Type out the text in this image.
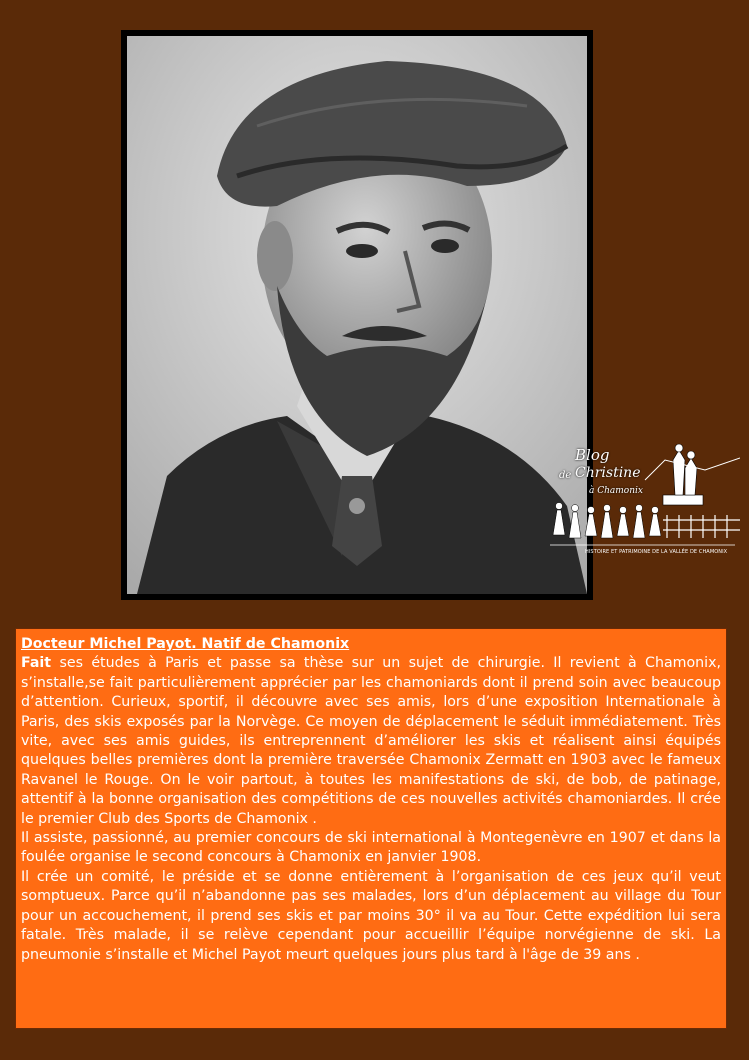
Blog
de Christine
à Chamonix
HISTOIRE ET PATRIMOINE DE LA VALLÉE DE CHAMONIX
Docteur Michel Payot. Natif de Chamonix

Fait ses études à Paris et passe sa thèse sur un sujet de chirurgie. Il revient à Chamonix, s’installe,se fait particulièrement apprécier par les chamoniards dont il prend soin avec beaucoup d’attention. Curieux, sportif, il découvre avec ses amis, lors d’une exposition Internationale à Paris, des skis exposés par la Norvège. Ce moyen de déplacement le séduit immédiatement. Très vite, avec ses amis guides, ils entreprennent d’améliorer les skis et réalisent ainsi équipés quelques belles premières dont la première traversée Chamonix Zermatt en 1903 avec le fameux Ravanel le Rouge. On le voir partout, à toutes les manifestations de ski, de bob, de patinage, attentif à la bonne organisation des compétitions de ces nouvelles activités chamoniardes. Il crée le premier Club des Sports de Chamonix .

Il assiste, passionné, au premier concours de ski international à Montegenèvre en 1907 et dans la foulée organise le second concours à Chamonix en janvier 1908.

Il crée un comité, le préside et se donne entièrement à l’organisation de ces jeux qu’il veut somptueux. Parce qu’il n’abandonne pas ses malades, lors d’un déplacement au village du Tour pour un accouchement, il prend ses skis et par moins 30° il va au Tour. Cette expédition lui sera fatale. Très malade, il se relève cependant pour accueillir l’équipe norvégienne de ski. La pneumonie s’installe et Michel Payot meurt quelques jours plus tard à l'âge de 39 ans .
